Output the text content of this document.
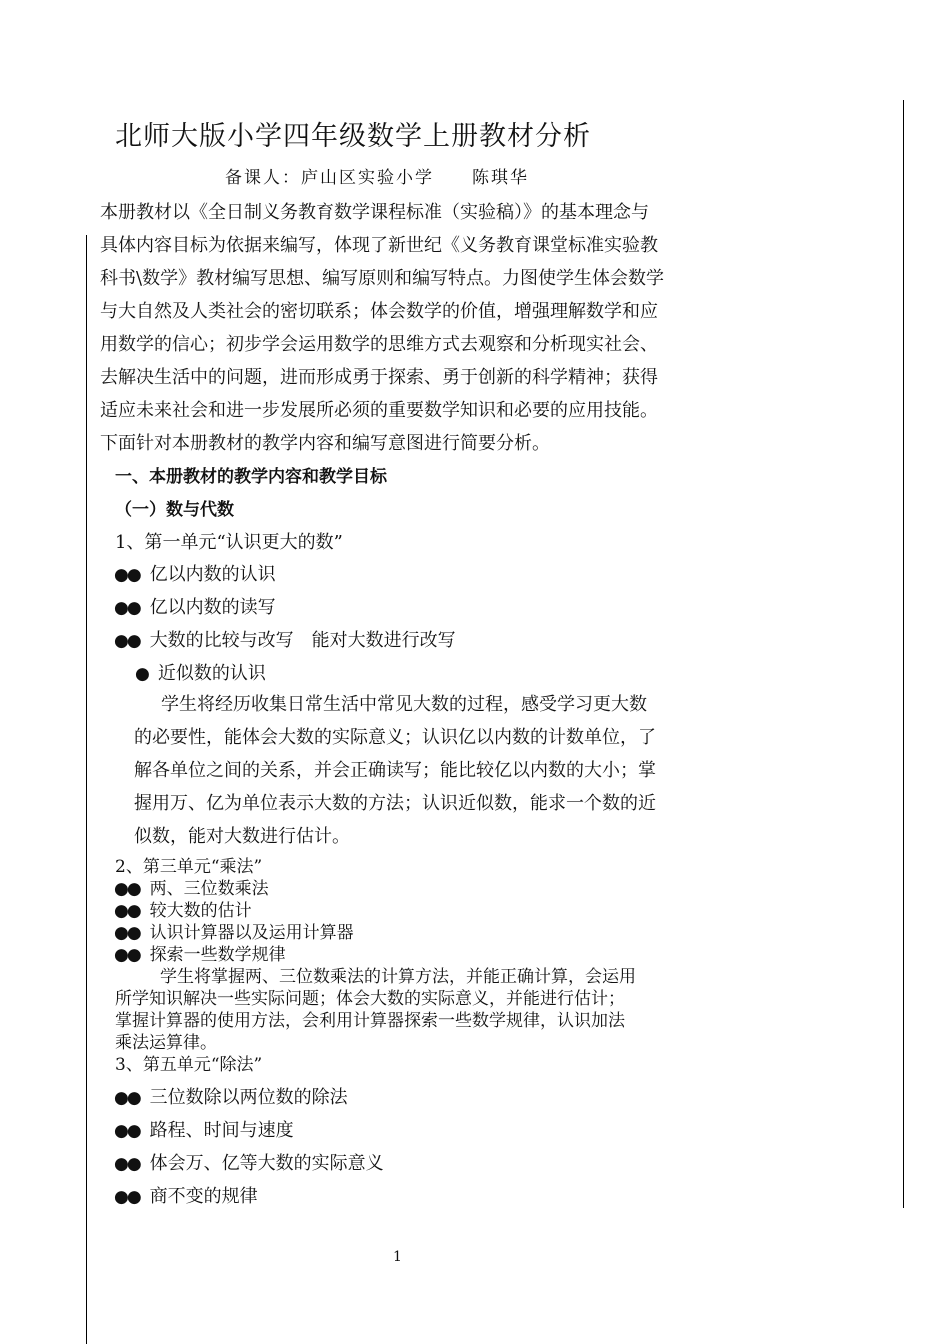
北师大版小学四年级数学上册教材分析
备课人：庐山区实验小学　　陈琪华
本册教材以《全日制义务教育数学课程标准（实验稿）》的基本理念与
具体内容目标为依据来编写，体现了新世纪《义务教育课堂标准实验教
科书\数学》教材编写思想、编写原则和编写特点。力图使学生体会数学
与大自然及人类社会的密切联系；体会数学的价值，增强理解数学和应
用数学的信心；初步学会运用数学的思维方式去观察和分析现实社会、
去解决生活中的问题，进而形成勇于探索、勇于创新的科学精神；获得
适应未来社会和进一步发展所必须的重要数学知识和必要的应用技能。
下面针对本册教材的教学内容和编写意图进行简要分析。
一、本册教材的教学内容和教学目标
（一）数与代数
1、第一单元“认识更大的数”
●● 亿以内数的认识
●● 亿以内数的读写
●● 大数的比较与改写　能对大数进行改写
● 近似数的认识
学生将经历收集日常生活中常见大数的过程，感受学习更大数
的必要性，能体会大数的实际意义；认识亿以内数的计数单位，了
解各单位之间的关系，并会正确读写；能比较亿以内数的大小；掌
握用万、亿为单位表示大数的方法；认识近似数，能求一个数的近
似数，能对大数进行估计。
2、第三单元“乘法”
●● 两、三位数乘法
●● 较大数的估计
●● 认识计算器以及运用计算器
●● 探索一些数学规律
学生将掌握两、三位数乘法的计算方法，并能正确计算，会运用
所学知识解决一些实际问题；体会大数的实际意义，并能进行估计；
掌握计算器的使用方法，会利用计算器探索一些数学规律，认识加法
乘法运算律。
3、第五单元“除法”
●● 三位数除以两位数的除法
●● 路程、时间与速度
●● 体会万、亿等大数的实际意义
●● 商不变的规律
1
